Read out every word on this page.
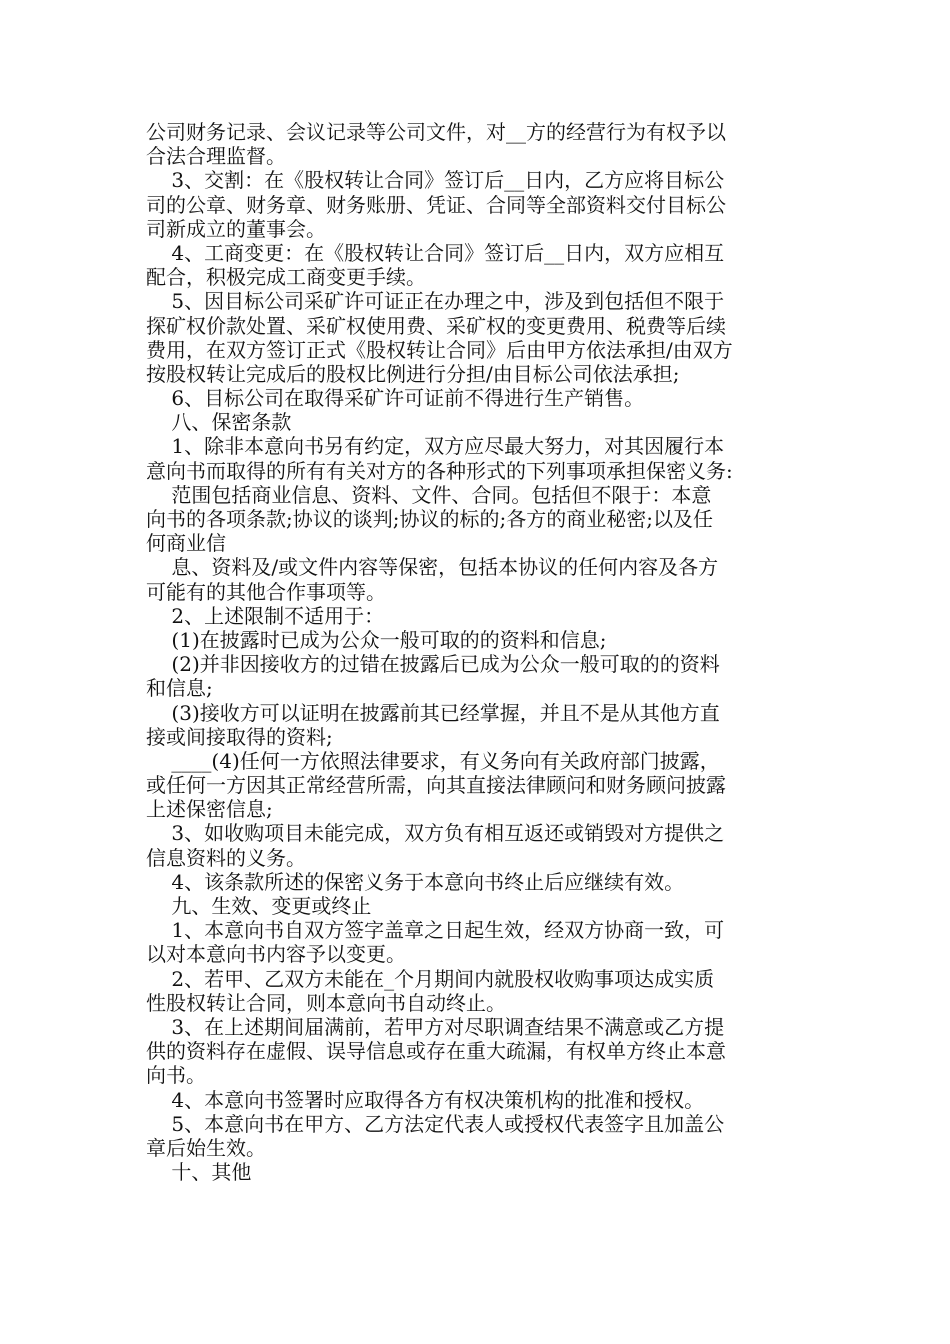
公司财务记录、会议记录等公司文件，对__方的经营行为有权予以
合法合理监督。
3、交割：在《股权转让合同》签订后__日内，乙方应将目标公
司的公章、财务章、财务账册、凭证、合同等全部资料交付目标公
司新成立的董事会。
4、工商变更：在《股权转让合同》签订后__日内，双方应相互
配合，积极完成工商变更手续。
5、因目标公司采矿许可证正在办理之中，涉及到包括但不限于
探矿权价款处置、采矿权使用费、采矿权的变更费用、税费等后续
费用，在双方签订正式《股权转让合同》后由甲方依法承担/由双方
按股权转让完成后的股权比例进行分担/由目标公司依法承担;
6、目标公司在取得采矿许可证前不得进行生产销售。
八、保密条款
1、除非本意向书另有约定，双方应尽最大努力，对其因履行本
意向书而取得的所有有关对方的各种形式的下列事项承担保密义务:
范围包括商业信息、资料、文件、合同。包括但不限于：本意
向书的各项条款;协议的谈判;协议的标的;各方的商业秘密;以及任
何商业信
息、资料及/或文件内容等保密，包括本协议的任何内容及各方
可能有的其他合作事项等。
2、上述限制不适用于：
(1)在披露时已成为公众一般可取的的资料和信息;
(2)并非因接收方的过错在披露后已成为公众一般可取的的资料
和信息;
(3)接收方可以证明在披露前其已经掌握，并且不是从其他方直
接或间接取得的资料;
____(4)任何一方依照法律要求，有义务向有关政府部门披露，
或任何一方因其正常经营所需，向其直接法律顾问和财务顾问披露
上述保密信息;
3、如收购项目未能完成，双方负有相互返还或销毁对方提供之
信息资料的义务。
4、该条款所述的保密义务于本意向书终止后应继续有效。
九、生效、变更或终止
1、本意向书自双方签字盖章之日起生效，经双方协商一致，可
以对本意向书内容予以变更。
2、若甲、乙双方未能在_个月期间内就股权收购事项达成实质
性股权转让合同，则本意向书自动终止。
3、在上述期间届满前，若甲方对尽职调查结果不满意或乙方提
供的资料存在虚假、误导信息或存在重大疏漏，有权单方终止本意
向书。
4、本意向书签署时应取得各方有权决策机构的批准和授权。
5、本意向书在甲方、乙方法定代表人或授权代表签字且加盖公
章后始生效。
十、其他
